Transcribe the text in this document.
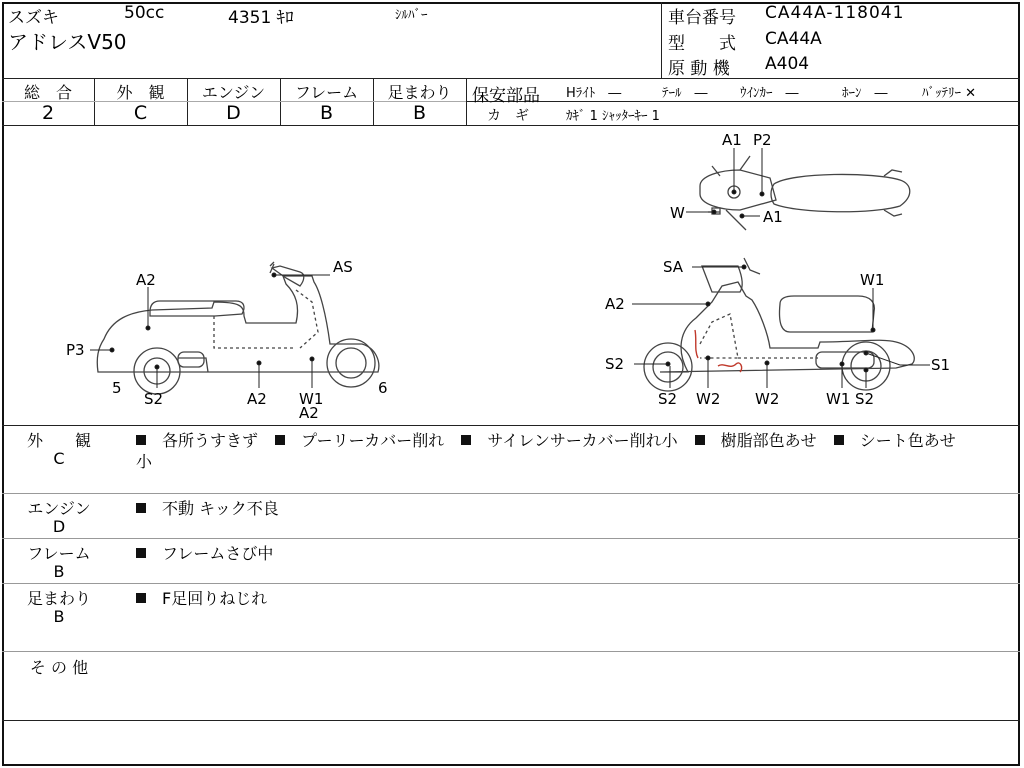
スズキ	50cc	4351 ｷﾛ	ｼﾙﾊﾞｰ
アドレスV50
車台番号 CA44A-118041
型　　式 CA44A
原 動 機 A404
総　合	外　観	エンジン	フレーム	足まわり
2	C	D	B	B
保安部品 Hﾗｲﾄ　―	ﾃｰﾙ　― ｳｲﾝｶｰ　―	ﾎｰﾝ　―	ﾊﾞｯﾃﾘｰ ✕
カ　ギ	ｶｷﾞ 1 ｼｬｯﾀｰｷｰ 1
A2
AS
P3
5
S2	A2 W1
A2
6
A1 P2
W	A1
SA
W1
A2
S2	S1
S2 W2 W2	W1 S2
外　　観
C
各所うすきず	プーリーカバー削れ	サイレンサーカバー削れ小	樹脂部色あせ	シート色あせ
小
エンジン
D
不動 キック不良
フレーム
B
フレームさび中
足まわり
B
F足回りねじれ
そ の 他
